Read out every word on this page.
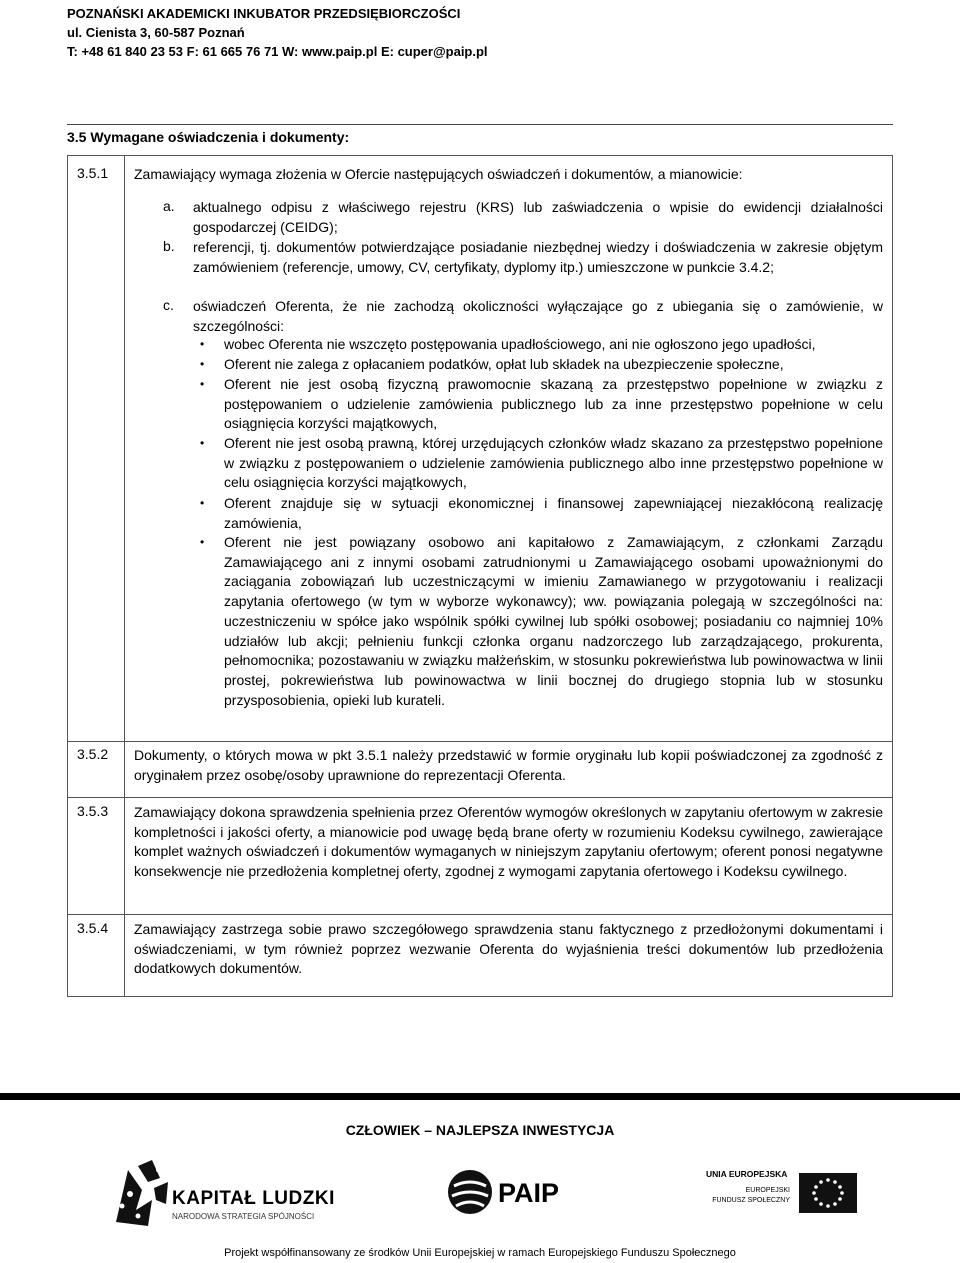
POZNAŃSKI AKADEMICKI INKUBATOR PRZEDSIĘBIORCZOŚCI
ul. Cienista 3, 60-587 Poznań
T: +48 61 840 23 53 F: 61 665 76 71 W: www.paip.pl E: cuper@paip.pl
3.5 Wymagane oświadczenia i dokumenty:
3.5.1 Zamawiający wymaga złożenia w Ofercie następujących oświadczeń i dokumentów, a mianowicie:
a. aktualnego odpisu z właściwego rejestru (KRS) lub zaświadczenia o wpisie do ewidencji działalności gospodarczej (CEIDG);
b. referencji, tj. dokumentów potwierdzające posiadanie niezbędnej wiedzy i doświadczenia w zakresie objętym zamówieniem (referencje, umowy, CV, certyfikaty, dyplomy itp.) umieszczone w punkcie 3.4.2;
c. oświadczeń Oferenta, że nie zachodzą okoliczności wyłączające go z ubiegania się o zamówienie, w szczególności:
• wobec Oferenta nie wszczęto postępowania upadłościowego, ani nie ogłoszono jego upadłości,
• Oferent nie zalega z opłacaniem podatków, opłat lub składek na ubezpieczenie społeczne,
• Oferent nie jest osobą fizyczną prawomocnie skazaną za przestępstwo popełnione w związku z postępowaniem o udzielenie zamówienia publicznego lub za inne przestępstwo popełnione w celu osiągnięcia korzyści majątkowych,
• Oferent nie jest osobą prawną, której urzędujących członków władz skazano za przestępstwo popełnione w związku z postępowaniem o udzielenie zamówienia publicznego albo inne przestępstwo popełnione w celu osiągnięcia korzyści majątkowych,
• Oferent znajduje się w sytuacji ekonomicznej i finansowej zapewniającej niezakłóconą realizację zamówienia,
• Oferent nie jest powiązany osobowo ani kapitałowo z Zamawiającym, z członkami Zarządu Zamawiającego ani z innymi osobami zatrudnionymi u Zamawiającego osobami upoważnionymi do zaciągania zobowiązań lub uczestniczącymi w imieniu Zamawianego w przygotowaniu i realizacji zapytania ofertowego (w tym w wyborze wykonawcy); ww. powiązania polegają w szczególności na: uczestniczeniu w spółce jako wspólnik spółki cywilnej lub spółki osobowej; posiadaniu co najmniej 10% udziałów lub akcji; pełnieniu funkcji członka organu nadzorczego lub zarządzającego, prokurenta, pełnomocnika; pozostawaniu w związku małżeńskim, w stosunku pokrewieństwa lub powinowactwa w linii prostej, pokrewieństwa lub powinowactwa w linii bocznej do drugiego stopnia lub w stosunku przysposobienia, opieki lub kurateli.
3.5.2 Dokumenty, o których mowa w pkt 3.5.1 należy przedstawić w formie oryginału lub kopii poświadczonej za zgodność z oryginałem przez osobę/osoby uprawnione do reprezentacji Oferenta.
3.5.3 Zamawiający dokona sprawdzenia spełnienia przez Oferentów wymogów określonych w zapytaniu ofertowym w zakresie kompletności i jakości oferty, a mianowicie pod uwagę będą brane oferty w rozumieniu Kodeksu cywilnego, zawierające komplet ważnych oświadczeń i dokumentów wymaganych w niniejszym zapytaniu ofertowym; oferent ponosi negatywne konsekwencje nie przedłożenia kompletnej oferty, zgodnej z wymogami zapytania ofertowego i Kodeksu cywilnego.
3.5.4 Zamawiający zastrzega sobie prawo szczegółowego sprawdzenia stanu faktycznego z przedłożonymi dokumentami i oświadczeniami, w tym również poprzez wezwanie Oferenta do wyjaśnienia treści dokumentów lub przedłożenia dodatkowych dokumentów.
CZŁOWIEK – NAJLEPSZA INWESTYCJA
KAPITAŁ LUDZKI
NARODOWA STRATEGIA SPÓJNOŚCI
PAIP
UNIA EUROPEJSKA
EUROPEJSKI
FUNDUSZ SPOŁECZNY
Projekt współfinansowany ze środków Unii Europejskiej w ramach Europejskiego Funduszu Społecznego
